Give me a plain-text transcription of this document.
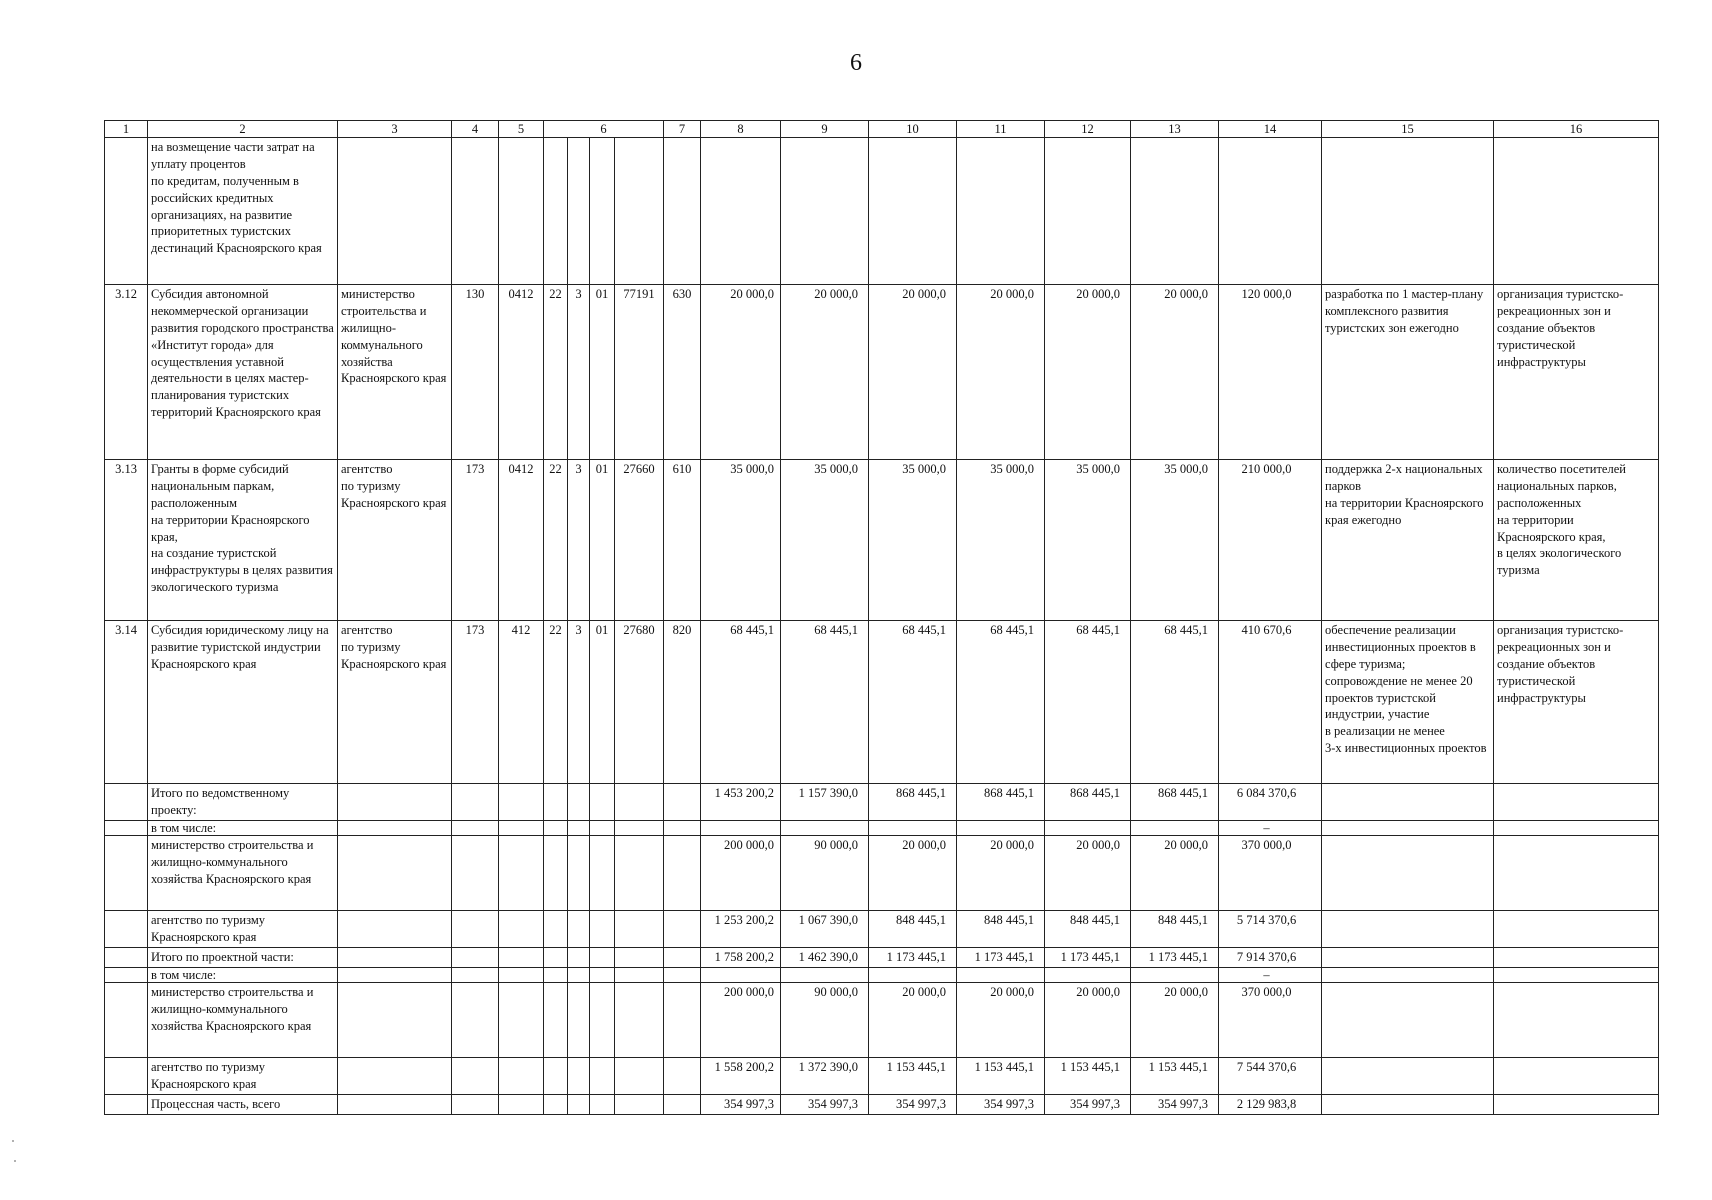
6
1	2	3	4	5	6				7	8	9	10	11	12	13	14	15	16
	на возмещение части затрат на уплату процентов
по кредитам, полученным в российских кредитных организациях, на развитие приоритетных туристских дестинаций Красноярского края																	
3.12	Субсидия автономной некоммерческой организации развития городского пространства «Институт города» для осуществления уставной деятельности в целях мастер-планирования туристских территорий Красноярского края	министерство строительства и жилищно-коммунального хозяйства Красноярского края	130	0412	22	3	01	77191	630	20 000,0	20 000,0	20 000,0	20 000,0	20 000,0	20 000,0	120 000,0	разработка по 1 мастер-плану комплексного развития туристских зон ежегодно	организация туристско-рекреационных зон и создание объектов туристической инфраструктуры
3.13	Гранты в форме субсидий национальным паркам, расположенным
на территории Красноярского края,
на создание туристской инфраструктуры в целях развития экологического туризма	агентство
по туризму Красноярского края	173	0412	22	3	01	27660	610	35 000,0	35 000,0	35 000,0	35 000,0	35 000,0	35 000,0	210 000,0	поддержка 2-х национальных парков
на территории Красноярского края ежегодно	количество посетителей национальных парков, расположенных
на территории Красноярского края,
в целях экологического туризма
3.14	Субсидия юридическому лицу на развитие туристской индустрии Красноярского края	агентство
по туризму Красноярского края	173	412	22	3	01	27680	820	68 445,1	68 445,1	68 445,1	68 445,1	68 445,1	68 445,1	410 670,6	обеспечение реализации инвестиционных проектов в сфере туризма;
сопровождение не менее 20 проектов туристской индустрии, участие
в реализации не менее
3-х инвестиционных проектов	организация туристско-рекреационных зон и создание объектов туристической инфраструктуры
	Итого по ведомственному проекту:									1 453 200,2	1 157 390,0	868 445,1	868 445,1	868 445,1	868 445,1	6 084 370,6		
	в том числе:															–		
	министерство строительства и жилищно-коммунального хозяйства Красноярского края									200 000,0	90 000,0	20 000,0	20 000,0	20 000,0	20 000,0	370 000,0		
	агентство по туризму Красноярского края									1 253 200,2	1 067 390,0	848 445,1	848 445,1	848 445,1	848 445,1	5 714 370,6		
	Итого по проектной части:									1 758 200,2	1 462 390,0	1 173 445,1	1 173 445,1	1 173 445,1	1 173 445,1	7 914 370,6		
	в том числе:															–		
	министерство строительства и жилищно-коммунального хозяйства Красноярского края									200 000,0	90 000,0	20 000,0	20 000,0	20 000,0	20 000,0	370 000,0		
	агентство по туризму Красноярского края									1 558 200,2	1 372 390,0	1 153 445,1	1 153 445,1	1 153 445,1	1 153 445,1	7 544 370,6		
	Процессная часть, всего									354 997,3	354 997,3	354 997,3	354 997,3	354 997,3	354 997,3	2 129 983,8		
